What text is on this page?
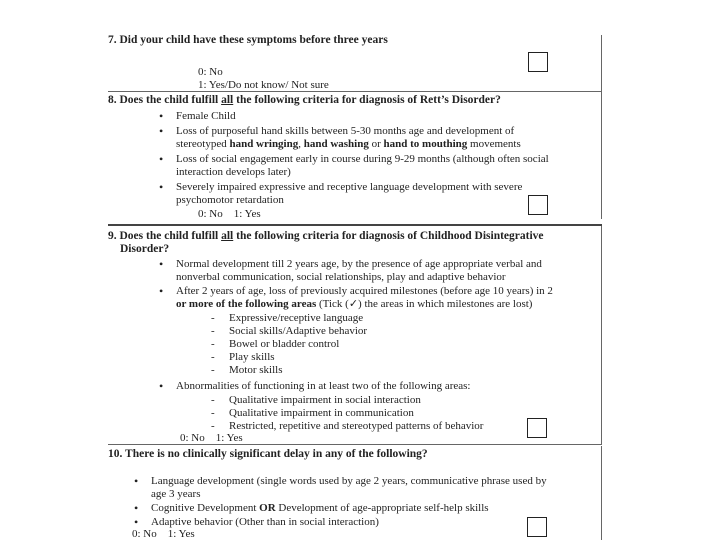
7. Did your child have these symptoms before three years
0: No
1: Yes/Do not know/ Not sure
8. Does the child fulfill all the following criteria for diagnosis of Rett’s Disorder?
• Female Child
• Loss of purposeful hand skills between 5-30 months age and development of
stereotyped hand wringing, hand washing or hand to mouthing movements
• Loss of social engagement early in course during 9-29 months (although often social
interaction develops later)
• Severely impaired expressive and receptive language development with severe
psychomotor retardation
0: No    1: Yes
9. Does the child fulfill all the following criteria for diagnosis of Childhood Disintegrative
Disorder?
• Normal development till 2 years age, by the presence of age appropriate verbal and
nonverbal communication, social relationships, play and adaptive behavior
• After 2 years of age, loss of previously acquired milestones (before age 10 years) in 2
or more of the following areas (Tick (✓) the areas in which milestones are lost)
- Expressive/receptive language
- Social skills/Adaptive behavior
- Bowel or bladder control
- Play skills
- Motor skills
• Abnormalities of functioning in at least two of the following areas:
- Qualitative impairment in social interaction
- Qualitative impairment in communication
- Restricted, repetitive and stereotyped patterns of behavior
0: No    1: Yes
10. There is no clinically significant delay in any of the following?
• Language development (single words used by age 2 years, communicative phrase used by
age 3 years
• Cognitive Development OR Development of age-appropriate self-help skills
• Adaptive behavior (Other than in social interaction)
0: No    1: Yes
